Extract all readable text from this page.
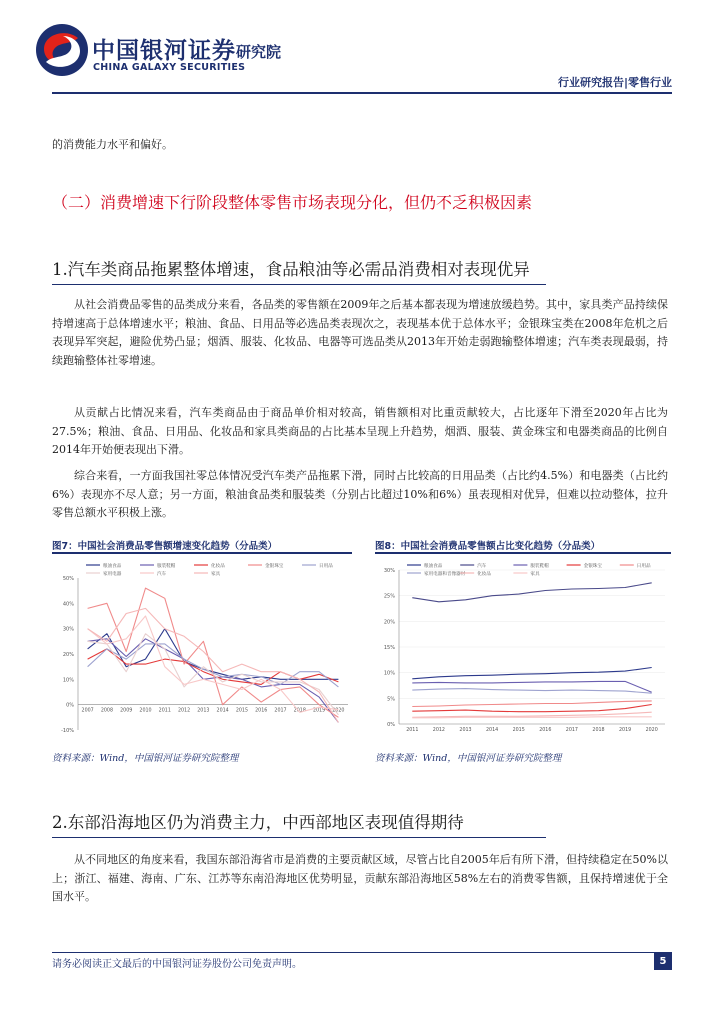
中国银河证券 研究院
CHINA GALAXY SECURITIES
行业研究报告|零售行业
的消费能力水平和偏好。
（二）消费增速下行阶段整体零售市场表现分化，但仍不乏积极因素
1.汽车类商品拖累整体增速，食品粮油等必需品消费相对表现优异
从社会消费品零售的品类成分来看，各品类的零售额在2009年之后基本都表现为增速放缓趋势。其中，家具类产品持续保持增速高于总体增速水平；粮油、食品、日用品等必选品类表现次之，表现基本优于总体水平；金银珠宝类在2008年危机之后表现异军突起，避险优势凸显；烟酒、服装、化妆品、电器等可选品类从2013年开始走弱跑输整体增速；汽车类表现最弱，持续跑输整体社零增速。
从贡献占比情况来看，汽车类商品由于商品单价相对较高，销售额相对比重贡献较大，占比逐年下滑至2020年占比为27.5%；粮油、食品、日用品、化妆品和家具类商品的占比基本呈现上升趋势，烟酒、服装、黄金珠宝和电器类商品的比例自2014年开始便表现出下滑。
综合来看，一方面我国社零总体情况受汽车类产品拖累下滑，同时占比较高的日用品类（占比约4.5%）和电器类（占比约6%）表现亦不尽人意；另一方面，粮油食品类和服装类（分别占比超过10%和6%）虽表现相对优异，但难以拉动整体，拉升零售总额水平积极上涨。
图7：中国社会消费品零售额增速变化趋势（分品类）
粮油食品	服装鞋帽	化妆品	金银珠宝	日用品
家用电器	汽车	家具
-10%
0%
10%
20%
30%
40%
50%
2007 2008 2009 2010 2011 2012 2013 2014 2015 2016 2017 2018 2019 2020
资料来源：Wind，中国银河证券研究院整理
图8：中国社会消费品零售额占比变化趋势（分品类）
粮油食品	汽车	服装鞋帽	金银珠宝	日用品
家用电器和音像器材	化妆品	家具
0%
5%
10%
15%
20%
25%
30%
2011	2012	2013	2014	2015	2016	2017	2018	2019	2020
资料来源：Wind，中国银河证券研究院整理
2.东部沿海地区仍为消费主力，中西部地区表现值得期待
从不同地区的角度来看，我国东部沿海省市是消费的主要贡献区域，尽管占比自2005年后有所下滑，但持续稳定在50%以上；浙江、福建、海南、广东、江苏等东南沿海地区优势明显，贡献东部沿海地区58%左右的消费零售额，且保持增速优于全国水平。
请务必阅读正文最后的中国银河证券股份公司免责声明。	5
